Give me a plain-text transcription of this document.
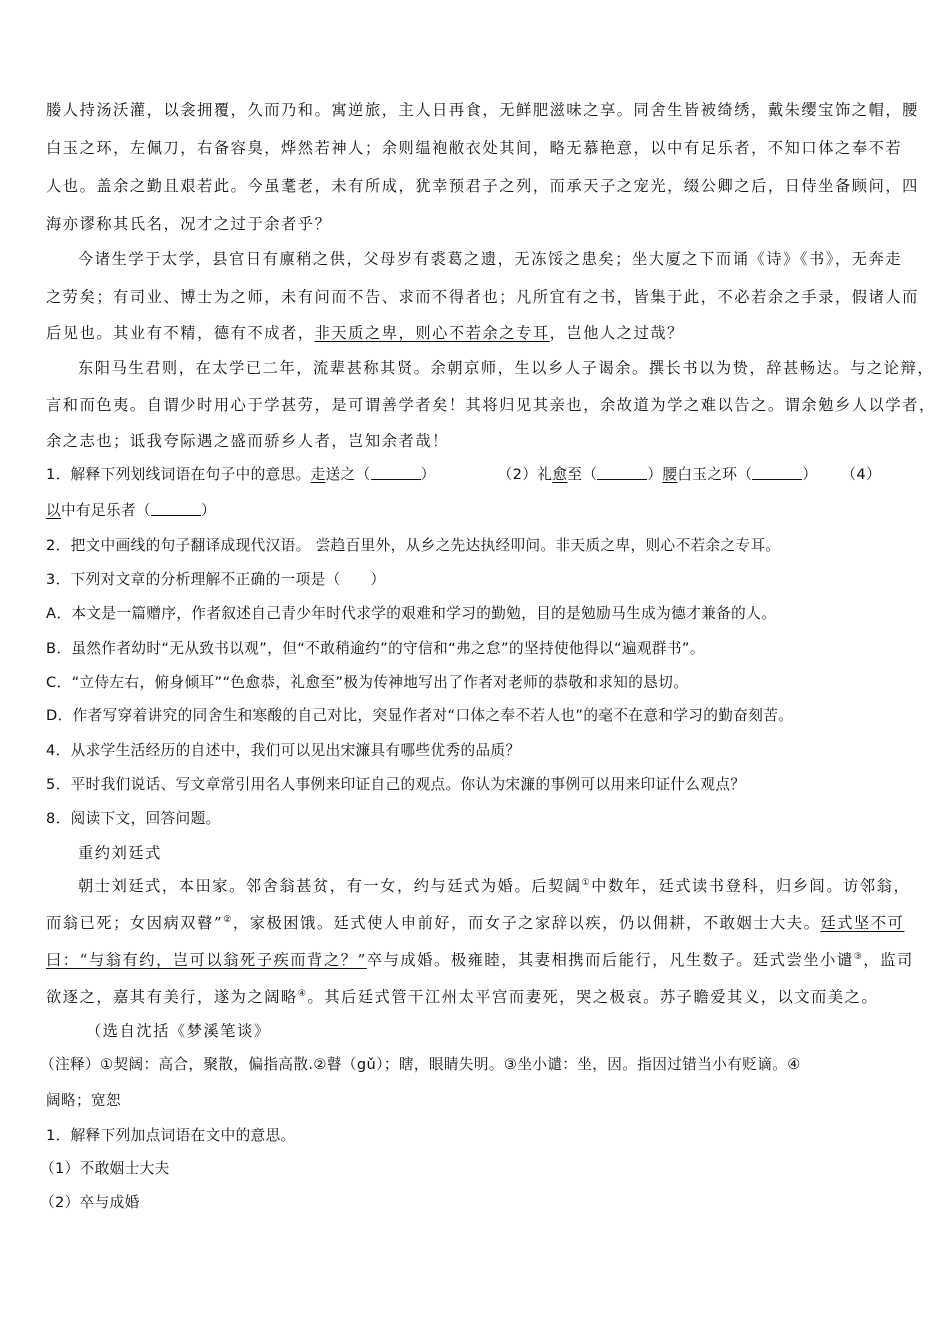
媵人持汤沃灌，以衾拥覆，久而乃和。寓逆旅，主人日再食，无鲜肥滋味之享。同舍生皆被绮绣，戴朱缨宝饰之帽，腰
白玉之环，左佩刀，右备容臭，烨然若神人；余则缊袍敝衣处其间，略无慕艳意，以中有足乐者，不知口体之奉不若
人也。盖余之勤且艰若此。今虽耄老，未有所成，犹幸预君子之列，而承天子之宠光，缀公卿之后，日侍坐备顾问，四
海亦谬称其氏名，况才之过于余者乎？
今诸生学于太学，县官日有廪稍之供，父母岁有裘葛之遗，无冻馁之患矣；坐大厦之下而诵《诗》《书》，无奔走
之劳矣；有司业、博士为之师，未有问而不告、求而不得者也；凡所宜有之书，皆集于此，不必若余之手录，假诸人而
后见也。其业有不精，德有不成者，非天质之卑，则心不若余之专耳，岂他人之过哉？
东阳马生君则，在太学已二年，流辈甚称其贤。余朝京师，生以乡人子谒余。撰长书以为贽，辞甚畅达。与之论辩，
言和而色夷。自谓少时用心于学甚劳，是可谓善学者矣！其将归见其亲也，余故道为学之难以告之。谓余勉乡人以学者，
余之志也；诋我夸际遇之盛而骄乡人者，岂知余者哉！
1．解释下列划线词语在句子中的意思。走送之（	）	（2）礼愈至（	）腰白玉之环（	） （4）
以中有足乐者（	）
2．把文中画线的句子翻译成现代汉语。 尝趋百里外，从乡之先达执经叩问。非天质之卑，则心不若余之专耳。
3．下列对文章的分析理解不正确的一项是（　　）
A．本文是一篇赠序，作者叙述自己青少年时代求学的艰难和学习的勤勉，目的是勉励马生成为德才兼备的人。
B．虽然作者幼时“无从致书以观”，但“不敢稍逾约”的守信和“弗之怠”的坚持使他得以“遍观群书”。
C．“立侍左右，俯身倾耳”“色愈恭，礼愈至”极为传神地写出了作者对老师的恭敬和求知的恳切。
D．作者写穿着讲究的同舍生和寒酸的自己对比，突显作者对“口体之奉不若人也”的毫不在意和学习的勤奋刻苦。
4．从求学生活经历的自述中，我们可以见出宋濂具有哪些优秀的品质？
5．平时我们说话、写文章常引用名人事例来印证自己的观点。你认为宋濂的事例可以用来印证什么观点？
8．阅读下文，回答问题。
重约刘廷式
朝士刘廷式，本田家。邻舍翁甚贫，有一女，约与廷式为婚。后契阔①中数年，廷式读书登科，归乡闾。访邻翁，
而翁已死；女因病双瞽”②，家极困饿。廷式使人申前好，而女子之家辞以疾，仍以佣耕，不敢姻士大夫。廷式坚不可
曰：“与翁有约，岂可以翁死子疾而背之？”卒与成婚。极雍睦，其妻相携而后能行，凡生数子。廷式尝坐小谴③，监司
欲逐之，嘉其有美行，遂为之阔略④。其后廷式管干江州太平宫而妻死，哭之极哀。苏子瞻爱其义，以文而美之。
（选自沈括《梦溪笔谈》
（注释）①契阔：高合，聚散，偏指高散.②瞽（gǔ）；瞎，眼睛失明。③坐小谴：坐，因。指因过错当小有贬谪。④
阔略；宽恕
1．解释下列加点词语在文中的意思。
（1）不敢姻士大夫
（2）卒与成婚
